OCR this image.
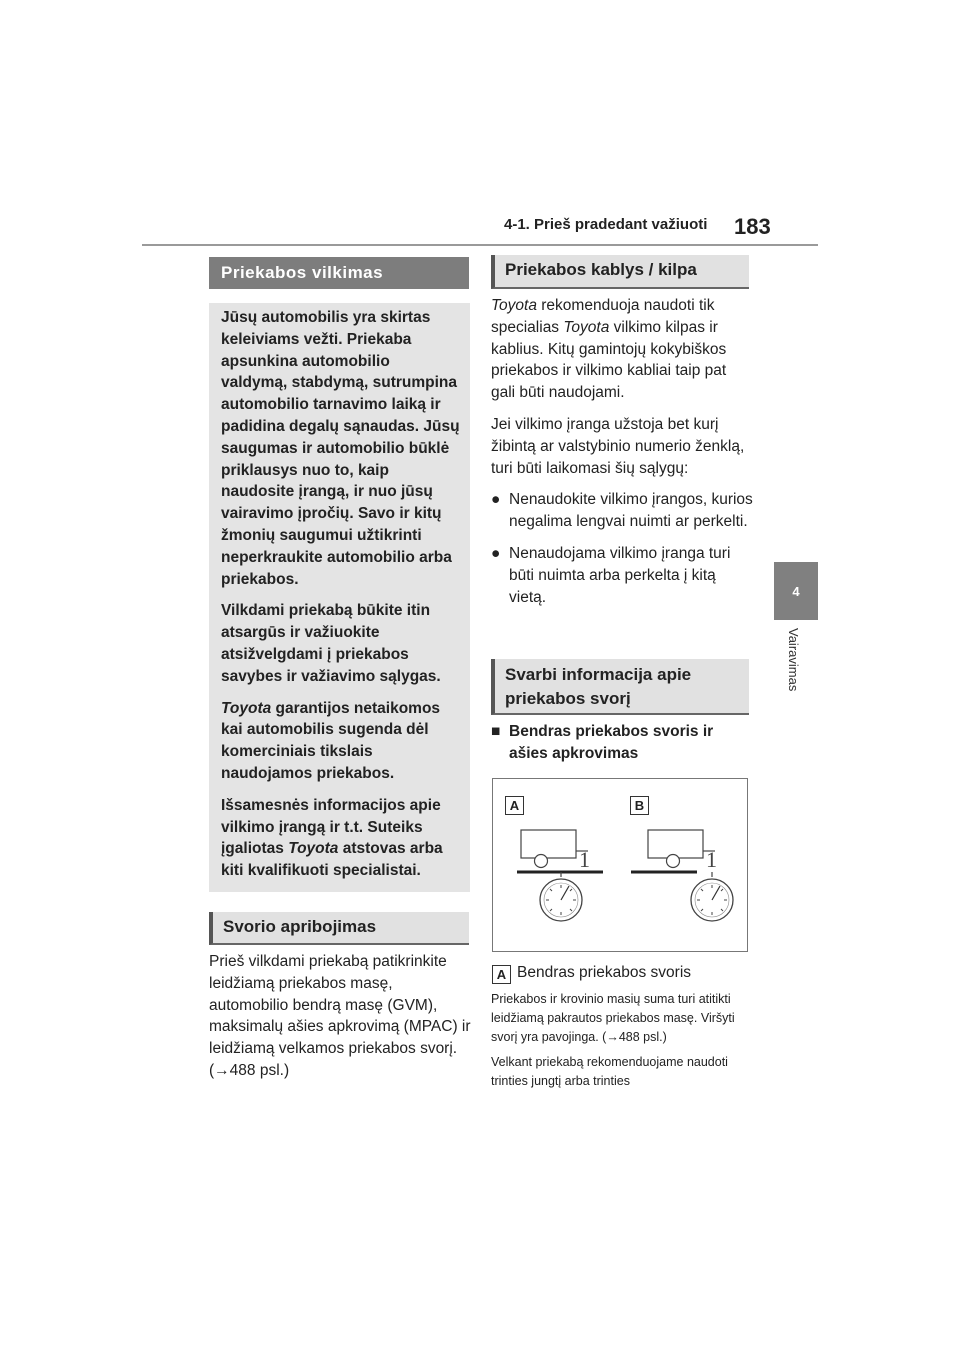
4-1. Prieš pradedant važiuoti 183
4
Vairavimas
Priekabos vilkimas

Jūsų automobilis yra skirtas keleiviams vežti. Priekaba apsunkina automobilio valdymą, stabdymą, sutrumpina automobilio tarnavimo laiką ir padidina degalų sąnaudas. Jūsų saugumas ir automobilio būklė priklausys nuo to, kaip naudosite įrangą, ir nuo jūsų vairavimo įpročių. Savo ir kitų žmonių saugumui užtikrinti neperkraukite automobilio arba priekabos.

Vilkdami priekabą būkite itin atsargūs ir važiuokite atsižvelgdami į priekabos savybes ir važiavimo sąlygas.

Toyota garantijos netaikomos kai automobilis sugenda dėl komerciniais tikslais naudojamos priekabos.

Išsamesnės informacijos apie vilkimo įrangą ir t.t. Suteiks įgaliotas Toyota atstovas arba kiti kvalifikuoti specialistai.

Svorio apribojimas

Prieš vilkdami priekabą patikrinkite leidžiamą priekabos masę, automobilio bendrą masę (GVM), maksimalų ašies apkrovimą (MPAC) ir leidžiamą velkamos priekabos svorį. (→488 psl.)

Priekabos kablys / kilpa

Toyota rekomenduoja naudoti tik specialias Toyota vilkimo kilpas ir kablius. Kitų gamintojų kokybiškos priekabos ir vilkimo kabliai taip pat gali būti naudojami.

Jei vilkimo įranga užstoja bet kurį žibintą ar valstybinio numerio ženklą, turi būti laikomasi šių sąlygų:

● Nenaudokite vilkimo įrangos, kurios negalima lengvai nuimti ar perkelti.
● Nenaudojama vilkimo įranga turi būti nuimta arba perkelta į kitą vietą.
Svarbi informacija apie priekabos svorį
■ Bendras priekabos svoris ir ašies apkrovimas
A	B
1	1
A Bendras priekabos svoris

Priekabos ir krovinio masių suma turi atitikti leidžiamą pakrautos priekabos masę. Viršyti svorį yra pavojinga. (→488 psl.)

Velkant priekabą rekomenduojame naudoti trinties jungtį arba trinties
